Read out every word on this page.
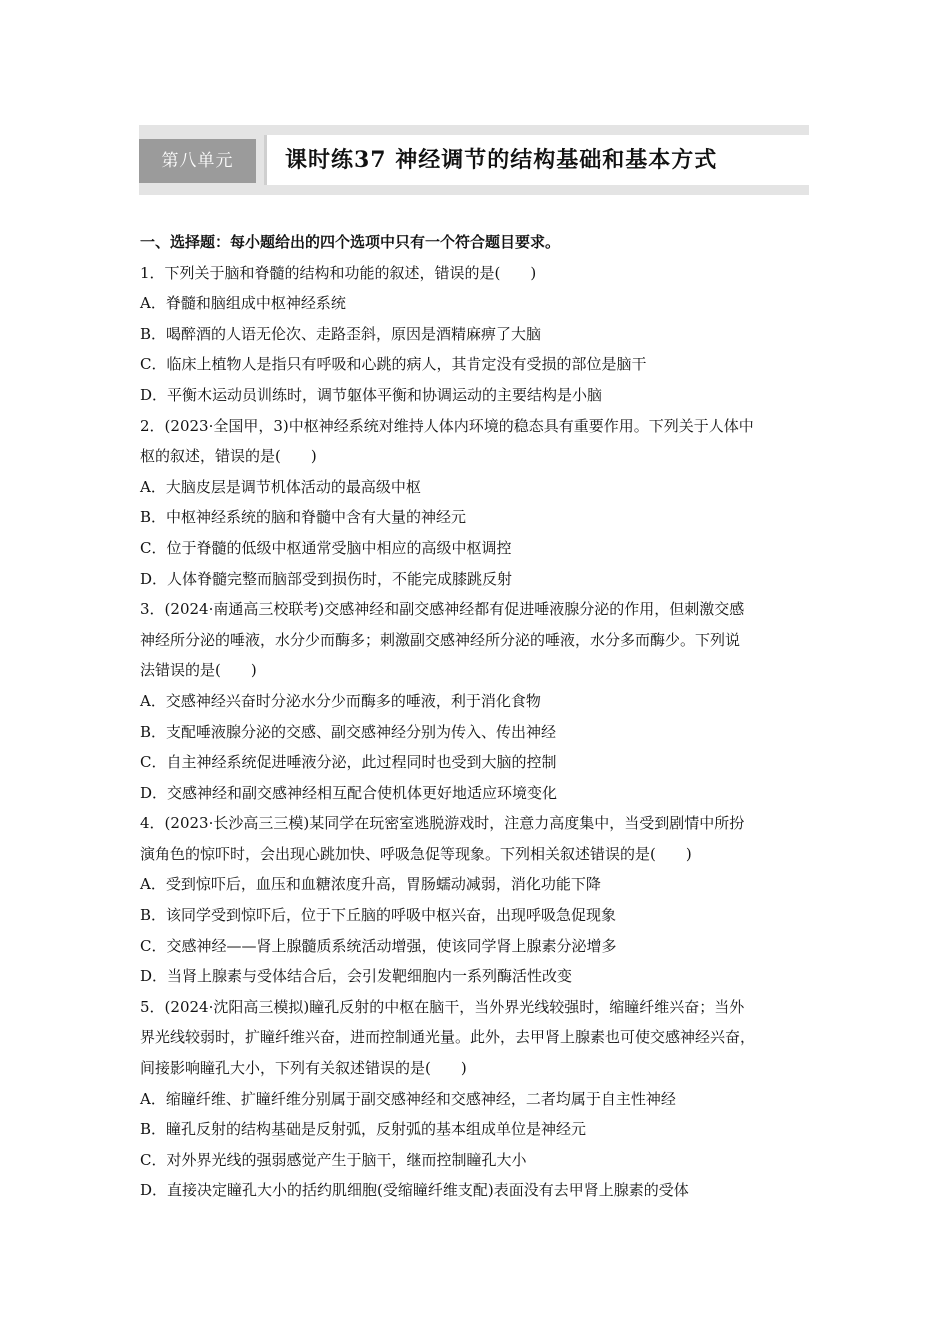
第八单元	课时练37 神经调节的结构基础和基本方式
一、选择题：每小题给出的四个选项中只有一个符合题目要求。
1．下列关于脑和脊髓的结构和功能的叙述，错误的是(　　)
A．脊髓和脑组成中枢神经系统
B．喝醉酒的人语无伦次、走路歪斜，原因是酒精麻痹了大脑
C．临床上植物人是指只有呼吸和心跳的病人，其肯定没有受损的部位是脑干
D．平衡木运动员训练时，调节躯体平衡和协调运动的主要结构是小脑
2．(2023·全国甲，3)中枢神经系统对维持人体内环境的稳态具有重要作用。下列关于人体中
枢的叙述，错误的是(　　)
A．大脑皮层是调节机体活动的最高级中枢
B．中枢神经系统的脑和脊髓中含有大量的神经元
C．位于脊髓的低级中枢通常受脑中相应的高级中枢调控
D．人体脊髓完整而脑部受到损伤时，不能完成膝跳反射
3．(2024·南通高三校联考)交感神经和副交感神经都有促进唾液腺分泌的作用，但刺激交感
神经所分泌的唾液，水分少而酶多；刺激副交感神经所分泌的唾液，水分多而酶少。下列说
法错误的是(　　)
A．交感神经兴奋时分泌水分少而酶多的唾液，利于消化食物
B．支配唾液腺分泌的交感、副交感神经分别为传入、传出神经
C．自主神经系统促进唾液分泌，此过程同时也受到大脑的控制
D．交感神经和副交感神经相互配合使机体更好地适应环境变化
4．(2023·长沙高三三模)某同学在玩密室逃脱游戏时，注意力高度集中，当受到剧情中所扮
演角色的惊吓时，会出现心跳加快、呼吸急促等现象。下列相关叙述错误的是(　　)
A．受到惊吓后，血压和血糖浓度升高，胃肠蠕动减弱，消化功能下降
B．该同学受到惊吓后，位于下丘脑的呼吸中枢兴奋，出现呼吸急促现象
C．交感神经——肾上腺髓质系统活动增强，使该同学肾上腺素分泌增多
D．当肾上腺素与受体结合后，会引发靶细胞内一系列酶活性改变
5．(2024·沈阳高三模拟)瞳孔反射的中枢在脑干，当外界光线较强时，缩瞳纤维兴奋；当外
界光线较弱时，扩瞳纤维兴奋，进而控制通光量。此外，去甲肾上腺素也可使交感神经兴奋，
间接影响瞳孔大小，下列有关叙述错误的是(　　)
A．缩瞳纤维、扩瞳纤维分别属于副交感神经和交感神经，二者均属于自主性神经
B．瞳孔反射的结构基础是反射弧，反射弧的基本组成单位是神经元
C．对外界光线的强弱感觉产生于脑干，继而控制瞳孔大小
D．直接决定瞳孔大小的括约肌细胞(受缩瞳纤维支配)表面没有去甲肾上腺素的受体
